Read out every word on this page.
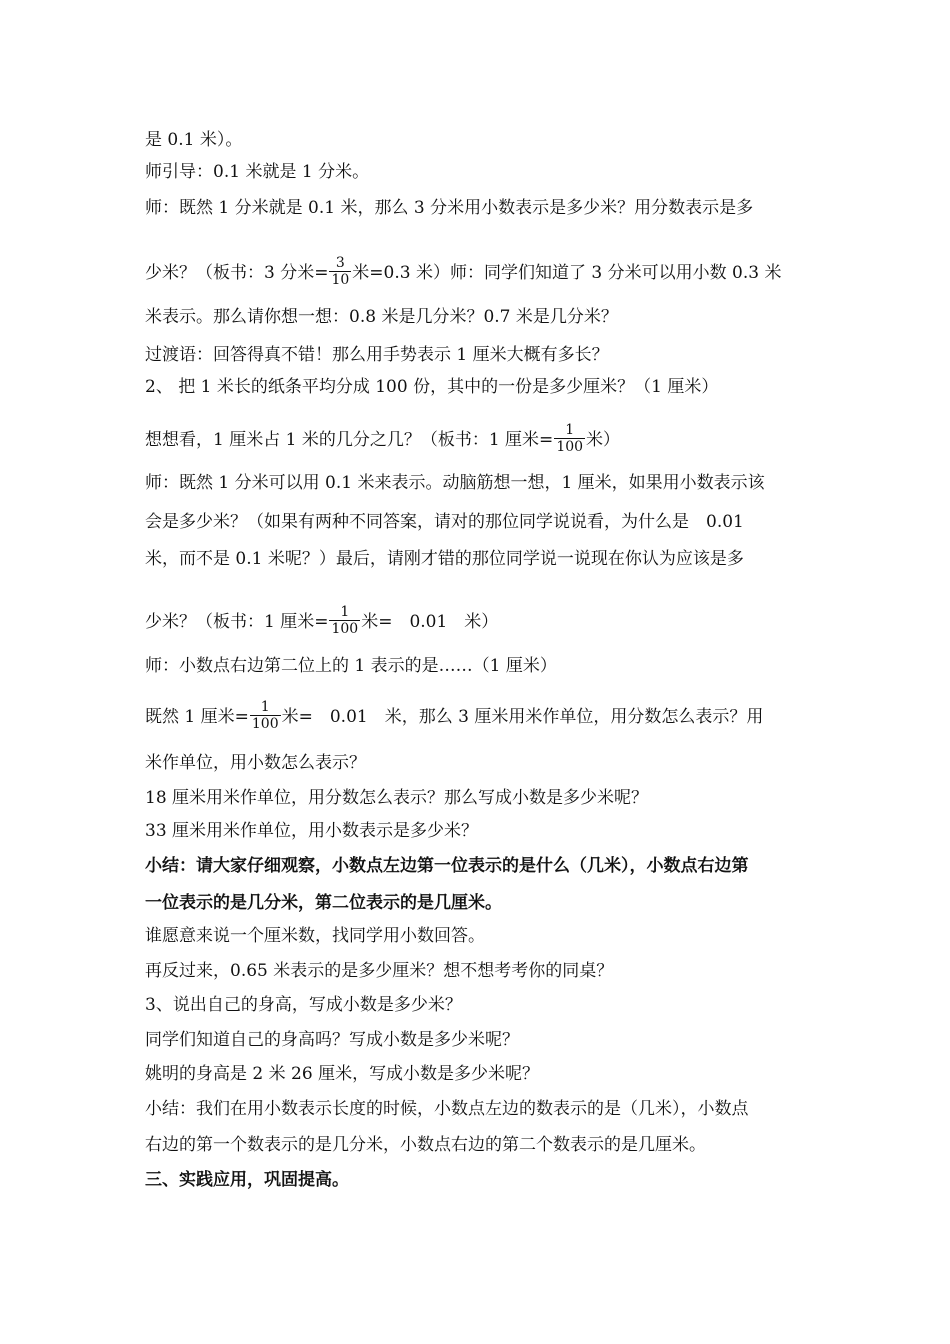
是 0.1 米）。
师引导：0.1 米就是 1 分米。
师：既然 1 分米就是 0.1 米，那么 3 分米用小数表示是多少米？用分数表示是多
少米？（板书：3 分米= $\frac{3}{10}$ 米=0.3 米）师：同学们知道了 3 分米可以用小数 0.3 米
米表示。那么请你想一想：0.8 米是几分米？0.7 米是几分米？
过渡语：回答得真不错！那么用手势表示 1 厘米大概有多长？
2、 把 1 米长的纸条平均分成 100 份，其中的一份是多少厘米？（1 厘米）
想想看，1 厘米占 1 米的几分之几？（板书：1 厘米= $\frac{1}{100}$ 米）
师：既然 1 分米可以用 0.1 米来表示。动脑筋想一想，1 厘米，如果用小数表示该
会是多少米？（如果有两种不同答案，请对的那位同学说说看，为什么是　0.01
米，而不是 0.1 米呢？）最后，请刚才错的那位同学说一说现在你认为应该是多
少米？（板书：1 厘米= $\frac{1}{100}$ 米=　0.01　米）
师：小数点右边第二位上的 1 表示的是……（1 厘米）
既然 1 厘米= $\frac{1}{100}$ 米=　0.01　米，那么 3 厘米用米作单位，用分数怎么表示？用
米作单位，用小数怎么表示？
18 厘米用米作单位，用分数怎么表示？那么写成小数是多少米呢？
33 厘米用米作单位，用小数表示是多少米？
小结：请大家仔细观察，小数点左边第一位表示的是什么（几米），小数点右边第
一位表示的是几分米，第二位表示的是几厘米。
谁愿意来说一个厘米数，找同学用小数回答。
再反过来，0.65 米表示的是多少厘米？想不想考考你的同桌？
3、说出自己的身高，写成小数是多少米？
同学们知道自己的身高吗？写成小数是多少米呢？
姚明的身高是 2 米 26 厘米，写成小数是多少米呢？
小结：我们在用小数表示长度的时候，小数点左边的数表示的是（几米），小数点
右边的第一个数表示的是几分米，小数点右边的第二个数表示的是几厘米。
三、实践应用，巩固提高。
